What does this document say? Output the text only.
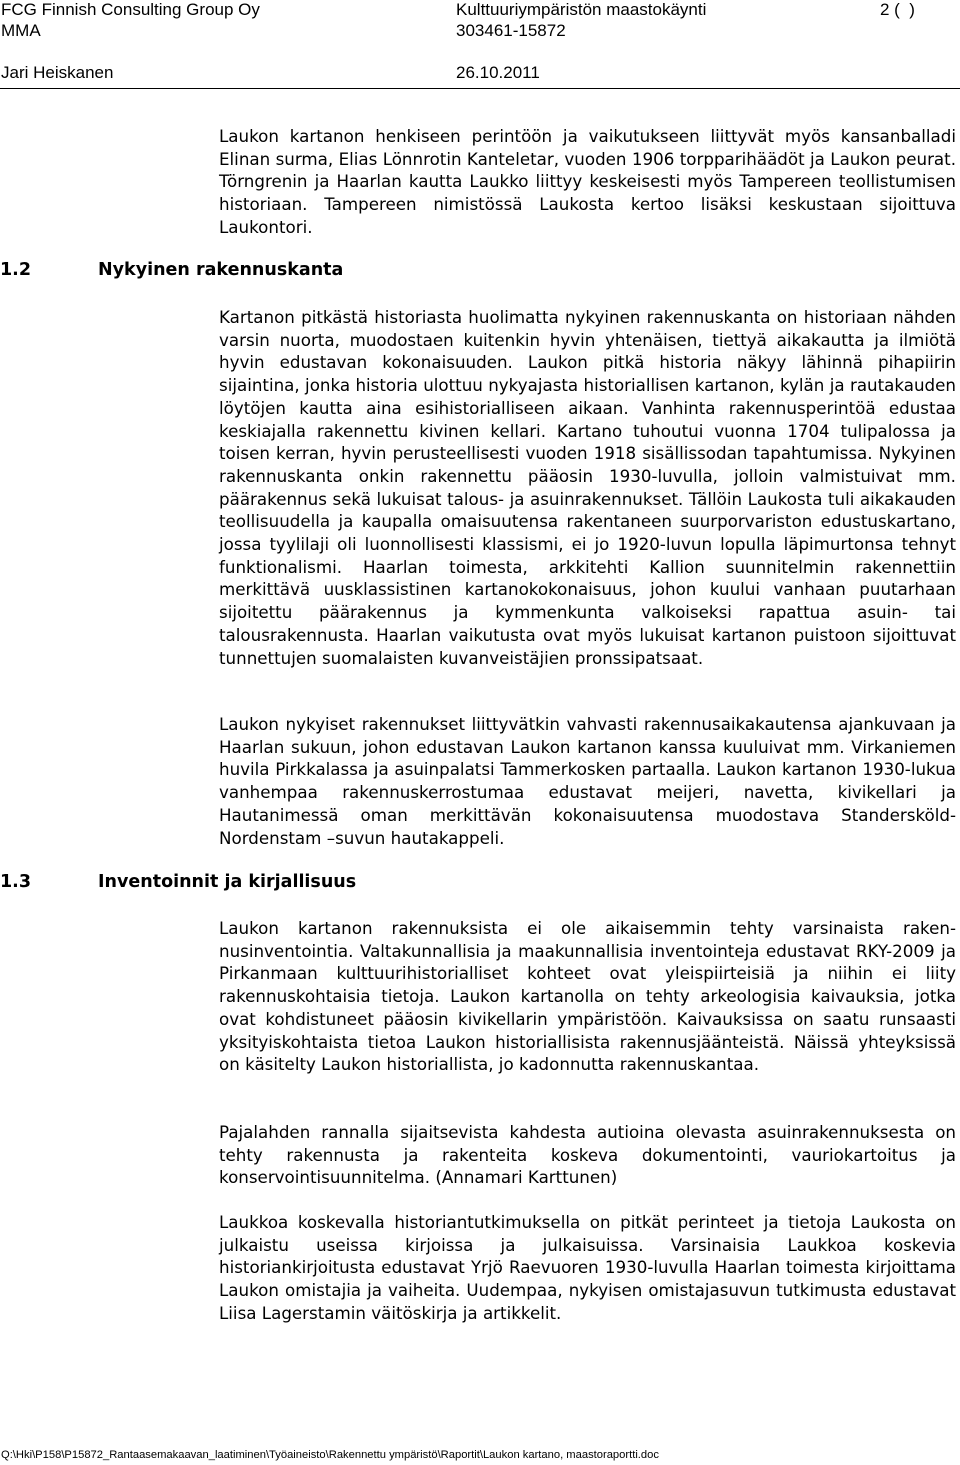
FCG Finnish Consulting Group Oy
MMA
Jari Heiskanen
Kulttuuriympäristön maastokäynti
303461-15872
26.10.2011
2 (  )

Laukon kartanon henkiseen perintöön ja vaikutukseen liittyvät myös kansanballadi Elinan surma, Elias Lönnrotin Kanteletar, vuoden 1906 torpparihäädöt ja Laukon peurat. Törngrenin ja Haarlan kautta Laukko liittyy keskeisesti myös Tampereen teollistumisen historiaan. Tampereen nimistössä Laukosta kertoo lisäksi keskustaan sijoittuva Laukontori.

1.2	Nykyinen rakennuskanta

Kartanon pitkästä historiasta huolimatta nykyinen rakennuskanta on historiaan nähden varsin nuorta, muodostaen kuitenkin hyvin yhtenäisen, tiettyä aikakautta ja ilmiötä hyvin edustavan kokonaisuuden. Laukon pitkä historia näkyy lähinnä pihapiirin sijaintina, jonka historia ulottuu nykyajasta historiallisen kartanon, kylän ja rautakauden löytöjen kautta aina esihistorialliseen aikaan. Vanhinta rakennusperintöä edustaa keskiajalla rakennettu kivinen kellari. Kartano tuhoutui vuonna 1704 tulipalossa ja toisen kerran, hyvin perusteellisesti vuoden 1918 sisällissodan tapahtumissa. Nykyinen rakennuskanta onkin rakennettu pääosin 1930-luvulla, jolloin valmistuivat mm. päärakennus sekä lukuisat talous- ja asuinrakennukset. Tällöin Laukosta tuli aikakauden teollisuudella ja kaupalla omaisuutensa rakentaneen suurporvariston edustuskartano, jossa tyylilaji oli luonnollisesti klassismi, ei jo 1920-luvun lopulla läpimurtonsa tehnyt funktionalismi. Haarlan toimesta, arkkitehti Kallion suunnitelmin rakennettiin merkittävä uusklassistinen kartanokokonaisuus, johon kuului vanhaan puutarhaan sijoitettu päärakennus ja kymmenkunta valkoiseksi rapattua asuin- tai talousrakennusta. Haarlan vaikutusta ovat myös lukuisat kartanon puistoon sijoittuvat tunnettujen suomalaisten kuvanveistäjien pronssipatsaat.

Laukon nykyiset rakennukset liittyvätkin vahvasti rakennusaikakautensa ajankuvaan ja Haarlan sukuun, johon edustavan Laukon kartanon kanssa kuuluivat mm. Virkaniemen huvila Pirkkalassa ja asuinpalatsi Tammerkosken partaalla. Laukon kartanon 1930-lukua vanhempaa rakennuskerrostumaa edustavat meijeri, navetta, kivikellari ja Hautanimessä oman merkittävän kokonaisuutensa muodostava Standersköld-Nordenstam –suvun hautakappeli.

1.3	Inventoinnit ja kirjallisuus

Laukon kartanon rakennuksista ei ole aikaisemmin tehty varsinaista rakennusinventointia. Valtakunnallisia ja maakunnallisia inventointeja edustavat RKY-2009 ja Pirkanmaan kulttuurihistorialliset kohteet ovat yleispiirteisiä ja niihin ei liity rakennuskohtaisia tietoja. Laukon kartanolla on tehty arkeologisia kaivauksia, jotka ovat kohdistuneet pääosin kivikellarin ympäristöön. Kaivauksissa on saatu runsaasti yksityiskohtaista tietoa Laukon historiallisista rakennusjäänteistä. Näissä yhteyksissä on käsitelty Laukon historiallista, jo kadonnutta rakennuskantaa.

Pajalahden rannalla sijaitsevista kahdesta autioina olevasta asuinrakennuksesta on tehty rakennusta ja rakenteita koskeva dokumentointi, vauriokartoitus ja konservointisuunnitelma. (Annamari Karttunen)

Laukkoa koskevalla historiantutkimuksella on pitkät perinteet ja tietoja Laukosta on julkaistu useissa kirjoissa ja julkaisuissa. Varsinaisia Laukkoa koskevia historiankirjoitusta edustavat Yrjö Raevuoren 1930-luvulla Haarlan toimesta kirjoittama Laukon omistajia ja vaiheita. Uudempaa, nykyisen omistajasuvun tutkimusta edustavat Liisa Lagerstamin väitöskirja ja artikkelit.

Q:\Hki\P158\P15872_Rantaasemakaavan_laatiminen\Työaineisto\Rakennettu ympäristö\Raportit\Laukon kartano, maastoraportti.doc
